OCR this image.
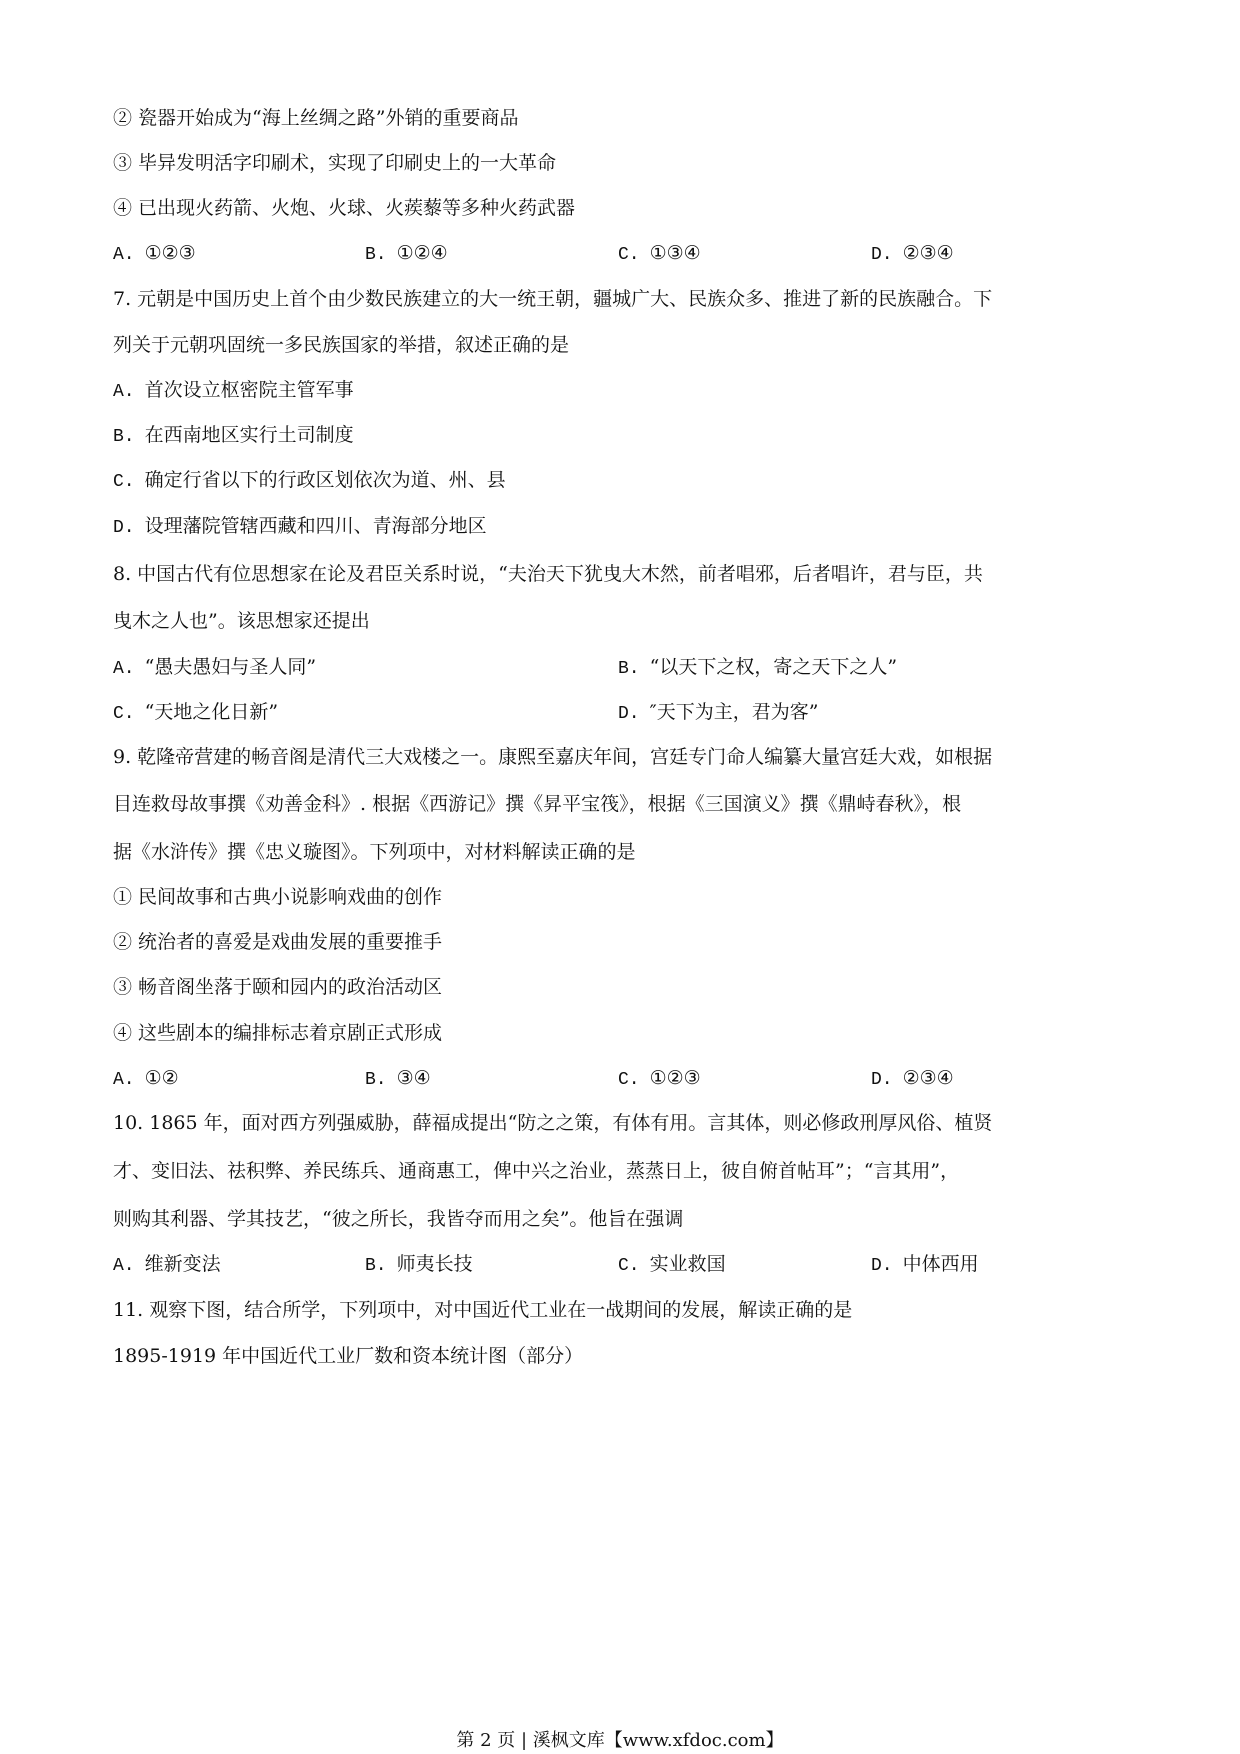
② 瓷器开始成为“海上丝绸之路”外销的重要商品
③ 毕异发明活字印刷术，实现了印刷史上的一大革命
④ 已出现火药箭、火炮、火球、火蒺藜等多种火药武器
A. ①②③	B. ①②④	C. ①③④	D. ②③④
7. 元朝是中国历史上首个由少数民族建立的大一统王朝，疆城广大、民族众多、推进了新的民族融合。下
列关于元朝巩固统一多民族国家的举措，叙述正确的是
A. 首次设立枢密院主管军事
B. 在西南地区实行土司制度
C. 确定行省以下的行政区划依次为道、州、县
D. 设理藩院管辖西藏和四川、青海部分地区
8. 中国古代有位思想家在论及君臣关系时说，“夫治天下犹曳大木然，前者唱邪，后者唱许，君与臣，共
曳木之人也”。该思想家还提出
A. “愚夫愚妇与圣人同”	B. “以天下之权，寄之天下之人”
C. “天地之化日新”	D. ″天下为主，君为客”
9. 乾隆帝营建的畅音阁是清代三大戏楼之一。康熙至嘉庆年间，宫廷专门命人编纂大量宫廷大戏，如根据
目连救母故事撰《劝善金科》. 根据《西游记》撰《昇平宝筏》，根据《三国演义》撰《鼎峙春秋》，根
据《水浒传》撰《忠义璇图》。下列项中，对材料解读正确的是
① 民间故事和古典小说影响戏曲的创作
② 统治者的喜爱是戏曲发展的重要推手
③ 畅音阁坐落于颐和园内的政治活动区
④ 这些剧本的编排标志着京剧正式形成
A. ①②	B. ③④	C. ①②③	D. ②③④
10. 1865 年，面对西方列强威胁，薛福成提出“防之之策，有体有用。言其体，则必修政刑厚风俗、植贤
才、变旧法、祛积弊、养民练兵、通商惠工，俾中兴之治业，蒸蒸日上，彼自俯首帖耳”；“言其用”，
则购其利器、学其技艺，“彼之所长，我皆夺而用之矣”。他旨在强调
A. 维新变法	B. 师夷长技	C. 实业救国	D. 中体西用
11. 观察下图，结合所学，下列项中，对中国近代工业在一战期间的发展，解读正确的是
1895-1919 年中国近代工业厂数和资本统计图（部分）
第 2 页 | 溪枫文库【www.xfdoc.com】
